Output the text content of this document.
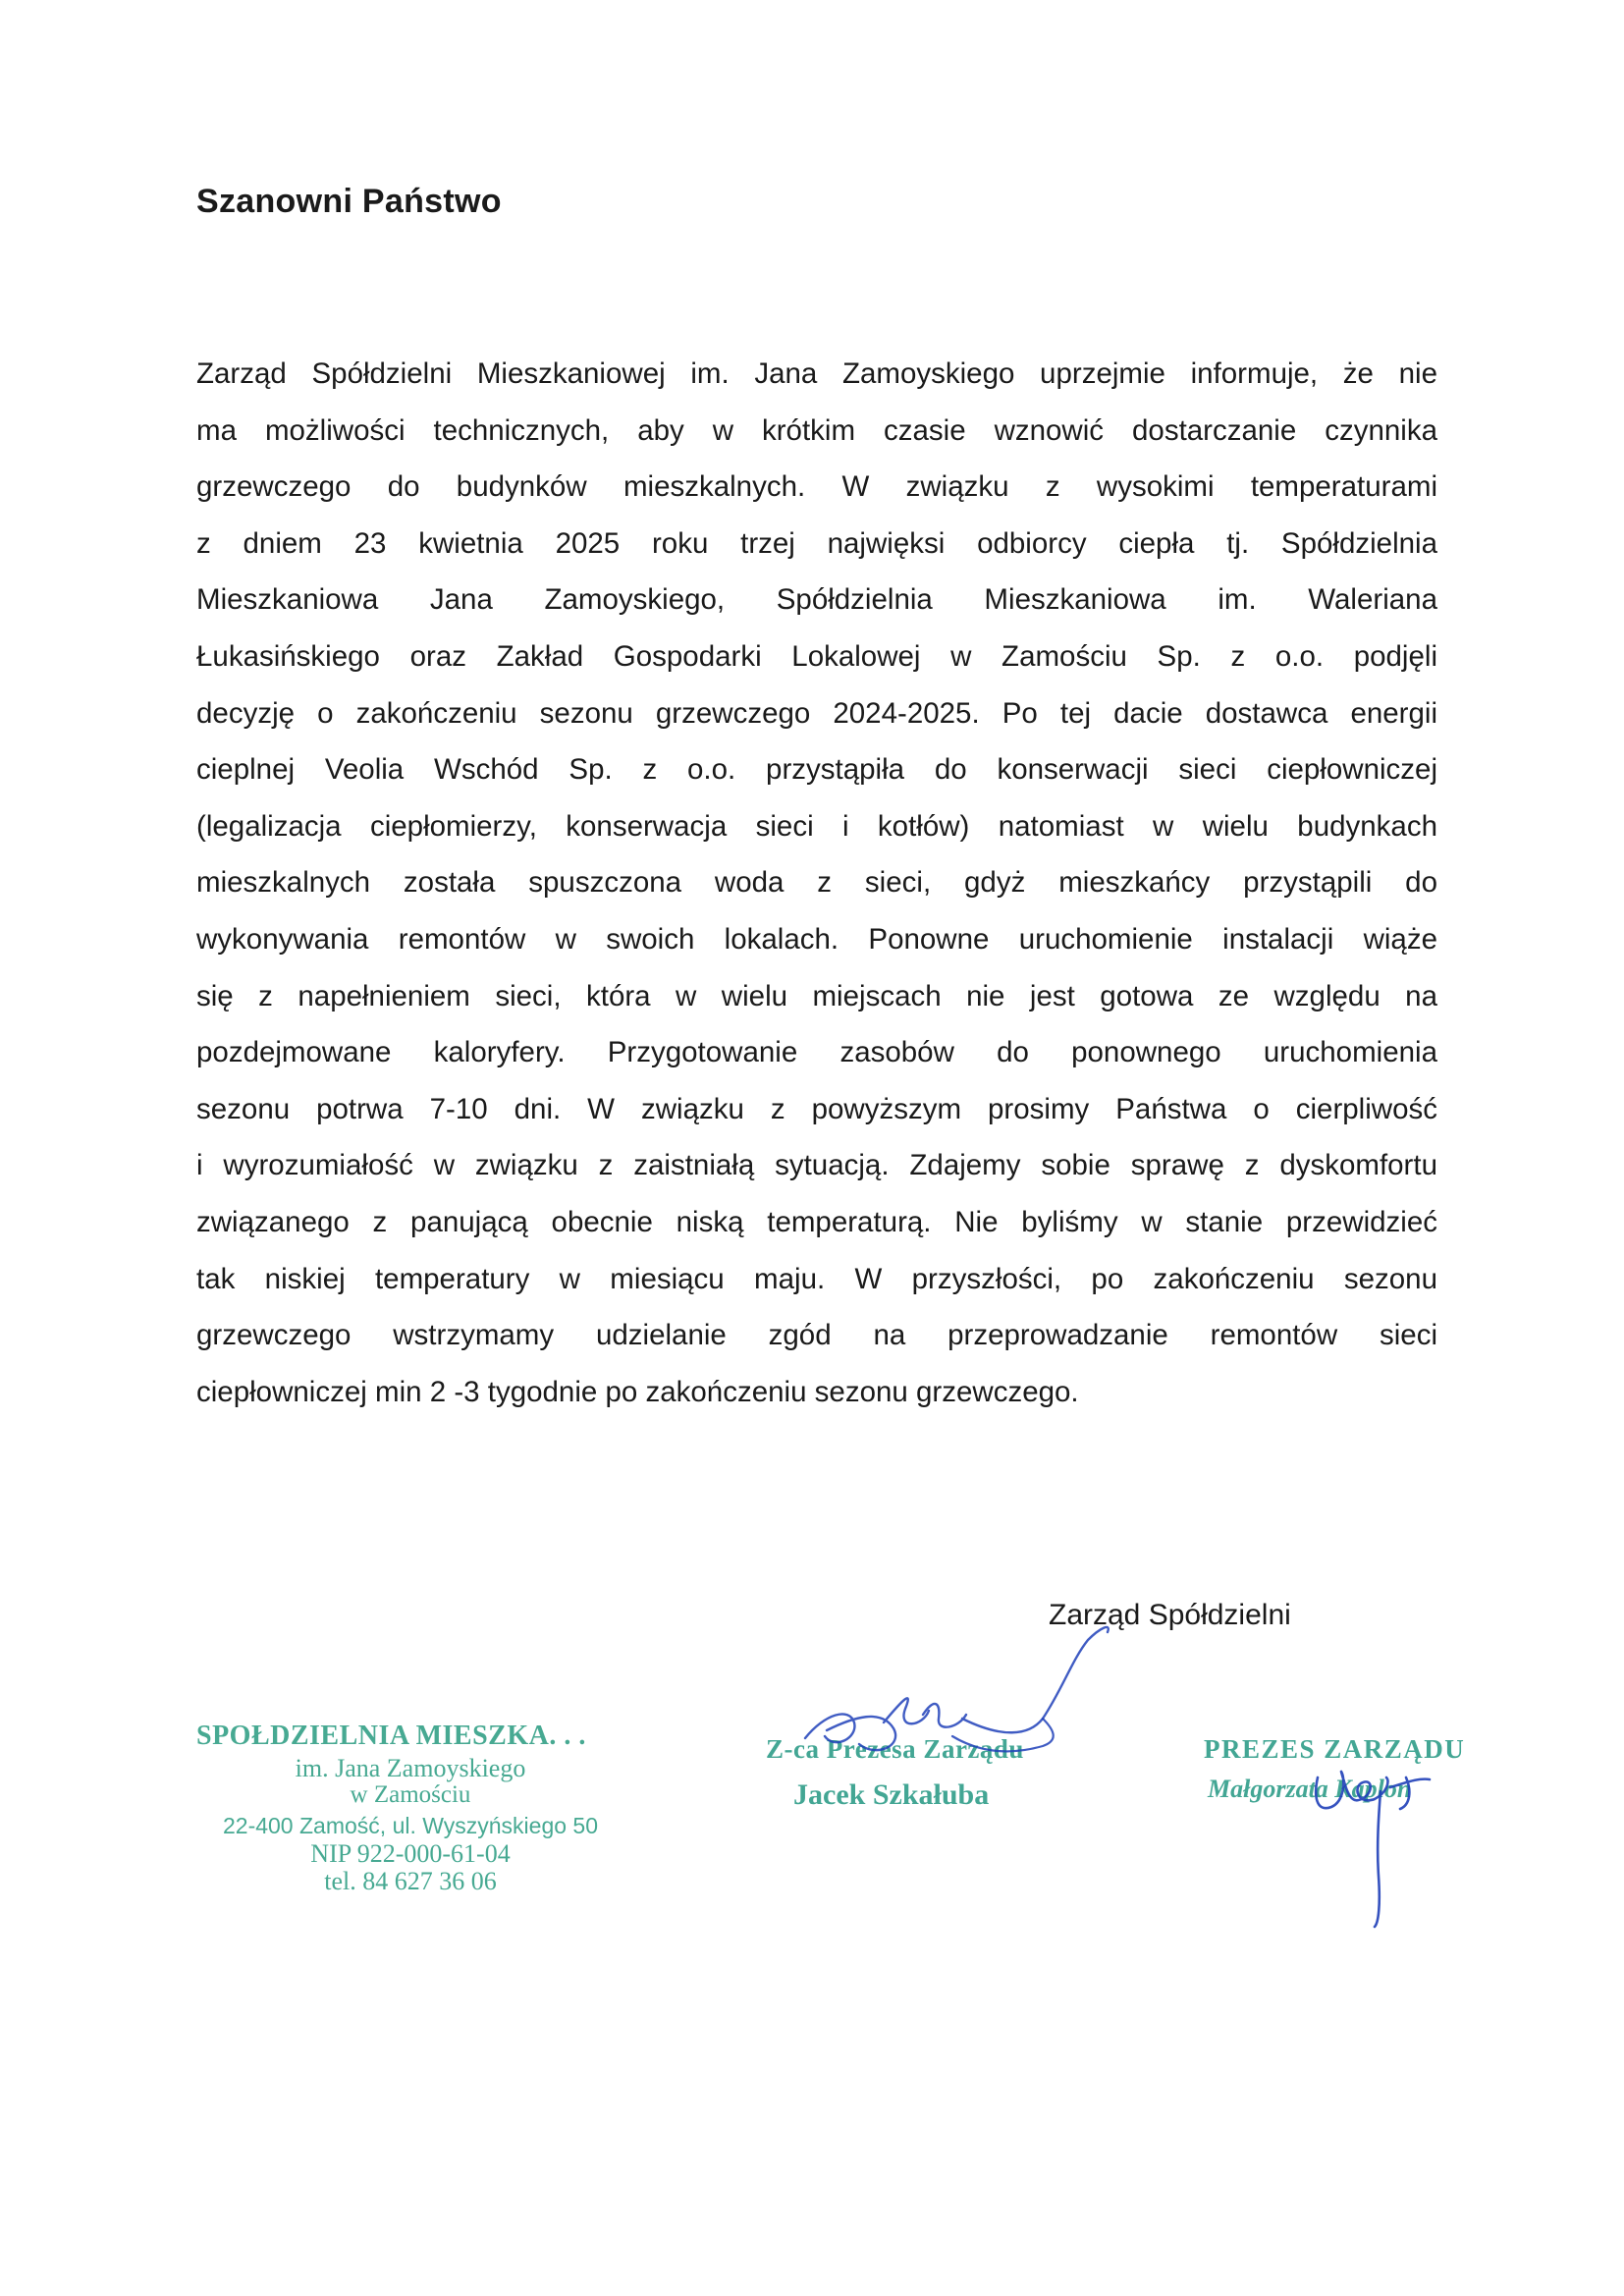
Szanowni Państwo
Zarząd Spółdzielni Mieszkaniowej im. Jana Zamoyskiego uprzejmie informuje, że nie
ma możliwości technicznych, aby w krótkim czasie wznowić dostarczanie czynnika
grzewczego do budynków mieszkalnych. W związku z wysokimi temperaturami
z dniem 23 kwietnia 2025 roku trzej najwięksi odbiorcy ciepła tj. Spółdzielnia
Mieszkaniowa Jana Zamoyskiego, Spółdzielnia Mieszkaniowa im. Waleriana
Łukasińskiego oraz Zakład Gospodarki Lokalowej w Zamościu Sp. z o.o. podjęli
decyzję o zakończeniu sezonu grzewczego 2024-2025. Po tej dacie dostawca energii
cieplnej Veolia Wschód Sp. z o.o. przystąpiła do konserwacji sieci ciepłowniczej
(legalizacja ciepłomierzy, konserwacja sieci i kotłów) natomiast w wielu budynkach
mieszkalnych została spuszczona woda z sieci, gdyż mieszkańcy przystąpili do
wykonywania remontów w swoich lokalach. Ponowne uruchomienie instalacji wiąże
się z napełnieniem sieci, która w wielu miejscach nie jest gotowa ze względu na
pozdejmowane kaloryfery. Przygotowanie zasobów do ponownego uruchomienia
sezonu potrwa 7-10 dni. W związku z powyższym prosimy Państwa o cierpliwość
i wyrozumiałość w związku z zaistniałą sytuacją. Zdajemy sobie sprawę z dyskomfortu
związanego z panującą obecnie niską temperaturą. Nie byliśmy w stanie przewidzieć
tak niskiej temperatury w miesiącu maju. W przyszłości, po zakończeniu sezonu
grzewczego wstrzymamy udzielanie zgód na przeprowadzanie remontów sieci
ciepłowniczej min 2 -3 tygodnie po zakończeniu sezonu grzewczego.
Zarząd Spółdzielni
SPOŁDZIELNIA MIESZKA. . .
im. Jana Zamoyskiego
w Zamościu
22-400 Zamość, ul. Wyszyńskiego 50
NIP 922-000-61-04
tel. 84 627 36 06
Z-ca Prezesa Zarządu
Jacek Szkałuba
PREZES ZARZĄDU
Małgorzata Kaplon
